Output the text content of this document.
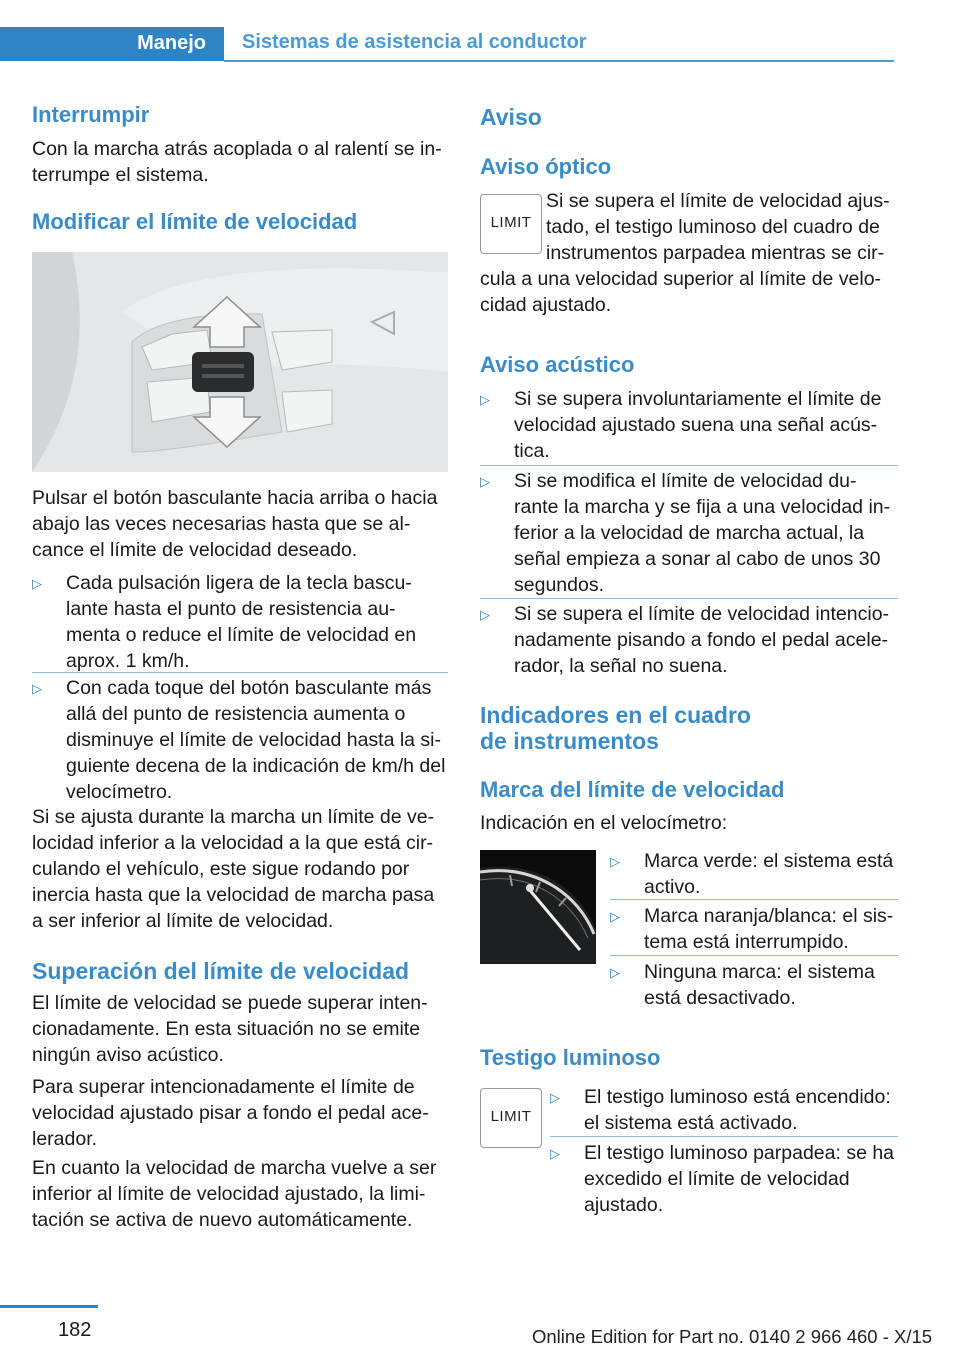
Manejo Sistemas de asistencia al conductor
Interrumpir

Con la marcha atrás acoplada o al ralentí se in-terrumpe el sistema.

Modificar el límite de velocidad

Pulsar el botón basculante hacia arriba o hacia abajo las veces necesarias hasta que se al-cance el límite de velocidad deseado.

▷ Cada pulsación ligera de la tecla bascu-lante hasta el punto de resistencia au-menta o reduce el límite de velocidad en aprox. 1 km/h.
▷ Con cada toque del botón basculante más allá del punto de resistencia aumenta o disminuye el límite de velocidad hasta la si-guiente decena de la indicación de km/h del velocímetro.

Si se ajusta durante la marcha un límite de ve-locidad inferior a la velocidad a la que está cir-culando el vehículo, este sigue rodando por inercia hasta que la velocidad de marcha pasa a ser inferior al límite de velocidad.

Superación del límite de velocidad

El límite de velocidad se puede superar inten-cionadamente. En esta situación no se emite ningún aviso acústico.

Para superar intencionadamente el límite de velocidad ajustado pisar a fondo el pedal ace-lerador.

En cuanto la velocidad de marcha vuelve a ser inferior al límite de velocidad ajustado, la limi-tación se activa de nuevo automáticamente.

Aviso
Aviso óptico
LIMIT

Si se supera el límite de velocidad ajus-

tado, el testigo luminoso del cuadro de

instrumentos parpadea mientras se cir-

cula a una velocidad superior al límite de velo-cidad ajustado.

Aviso acústico
▷ Si se supera involuntariamente el límite de velocidad ajustado suena una señal acús-tica.
▷ Si se modifica el límite de velocidad du-rante la marcha y se fija a una velocidad in-ferior a la velocidad de marcha actual, la señal empieza a sonar al cabo de unos 30 segundos.
▷ Si se supera el límite de velocidad intencio-nadamente pisando a fondo el pedal acele-rador, la señal no suena.
Indicadores en el cuadro
de instrumentos
Marca del límite de velocidad

Indicación en el velocímetro:

▷ Marca verde: el sistema está activo.
▷ Marca naranja/blanca: el sis-tema está interrumpido.
▷ Ninguna marca: el sistema está desactivado.
Testigo luminoso
LIMIT
▷ El testigo luminoso está encendido: el sistema está activado.
▷ El testigo luminoso parpadea: se ha excedido el límite de velocidad ajustado.
182	Online Edition for Part no. 0140 2 966 460 - X/15
